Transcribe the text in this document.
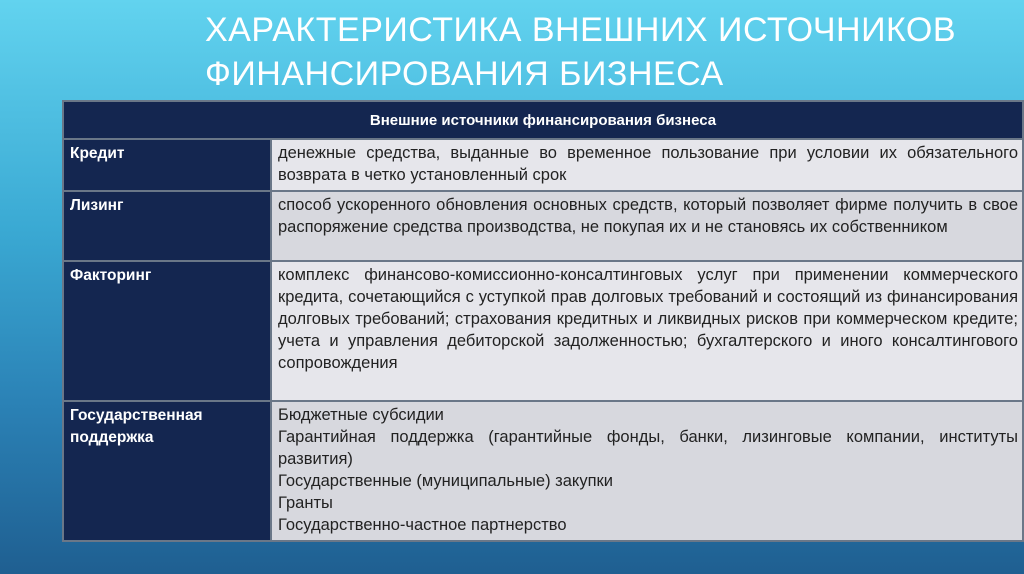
ХАРАКТЕРИСТИКА ВНЕШНИХ ИСТОЧНИКОВ
ФИНАНСИРОВАНИЯ БИЗНЕСА
Внешние источники финансирования бизнеса	
Кредит	денежные средства, выданные во временное пользование при условии их обязательного возврата в четко установленный срок
Лизинг	способ ускоренного обновления основных средств, который позволяет фирме получить в свое распоряжение средства производства, не покупая их и не становясь их собственником
Факторинг	комплекс финансово-комиссионно-консалтинговых услуг при применении коммерческого кредита, сочетающийся с уступкой прав долговых требований и состоящий из финансирования долговых требований; страхования кредитных и ликвидных рисков при коммерческом кредите; учета и управления дебиторской задолженностью; бухгалтерского и иного консалтингового сопровождения
Государственная поддержка	Бюджетные субсидии
Гарантийная поддержка (гарантийные фонды, банки, лизинговые компании, институты развития)
Государственные (муниципальные) закупки
Гранты
Государственно-частное партнерство
